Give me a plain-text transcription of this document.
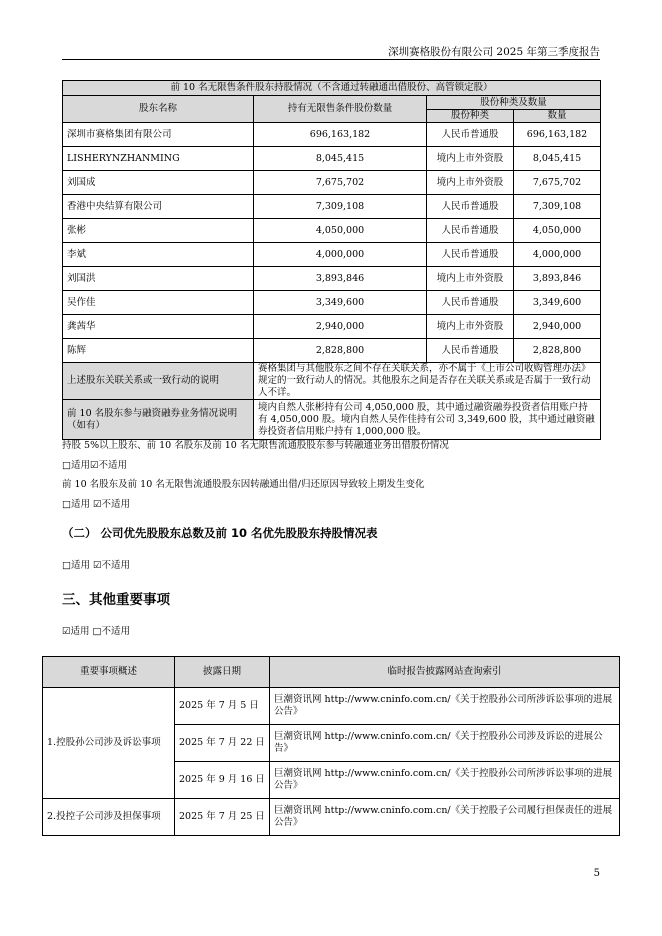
深圳赛格股份有限公司 2025 年第三季度报告
前 10 名无限售条件股东持股情况（不含通过转融通出借股份、高管锁定股）			
股东名称	持有无限售条件股份数量	股份种类及数量	
		股份种类	数量
深圳市赛格集团有限公司	696,163,182	人民币普通股	696,163,182
LISHERYNZHANMING	8,045,415	境内上市外资股	8,045,415
刘国成	7,675,702	境内上市外资股	7,675,702
香港中央结算有限公司	7,309,108	人民币普通股	7,309,108
张彬	4,050,000	人民币普通股	4,050,000
李斌	4,000,000	人民币普通股	4,000,000
刘国洪	3,893,846	境内上市外资股	3,893,846
吴作佳	3,349,600	人民币普通股	3,349,600
龚茜华	2,940,000	境内上市外资股	2,940,000
陈辉	2,828,800	人民币普通股	2,828,800
上述股东关联关系或一致行动的说明	赛格集团与其他股东之间不存在关联关系，亦不属于《上市公司收购管理办法》规定的一致行动人的情况。其他股东之间是否存在关联关系或是否属于一致行动人不详。		
前 10 名股东参与融资融券业务情况说明（如有）	境内自然人张彬持有公司 4,050,000 股，其中通过融资融券投资者信用账户持有 4,050,000 股。境内自然人吴作佳持有公司 3,349,600 股，其中通过融资融券投资者信用账户持有 1,000,000 股。		
持股 5%以上股东、前 10 名股东及前 10 名无限售流通股股东参与转融通业务出借股份情况
□适用☑不适用
前 10 名股东及前 10 名无限售流通股股东因转融通出借/归还原因导致较上期发生变化
□适用 ☑不适用
（二） 公司优先股股东总数及前 10 名优先股股东持股情况表
□适用 ☑不适用
三、其他重要事项
☑适用 □不适用
重要事项概述	披露日期	临时报告披露网站查询索引
1.控股孙公司涉及诉讼事项	2025 年 7 月 5 日	巨潮资讯网 http://www.cninfo.com.cn/《关于控股孙公司所涉诉讼事项的进展公告》
	2025 年 7 月 22 日	巨潮资讯网 http://www.cninfo.com.cn/《关于控股孙公司涉及诉讼的进展公告》
	2025 年 9 月 16 日	巨潮资讯网 http://www.cninfo.com.cn/《关于控股孙公司所涉诉讼事项的进展公告》
2.投控子公司涉及担保事项	2025 年 7 月 25 日	巨潮资讯网 http://www.cninfo.com.cn/《关于控股子公司履行担保责任的进展公告》
5
